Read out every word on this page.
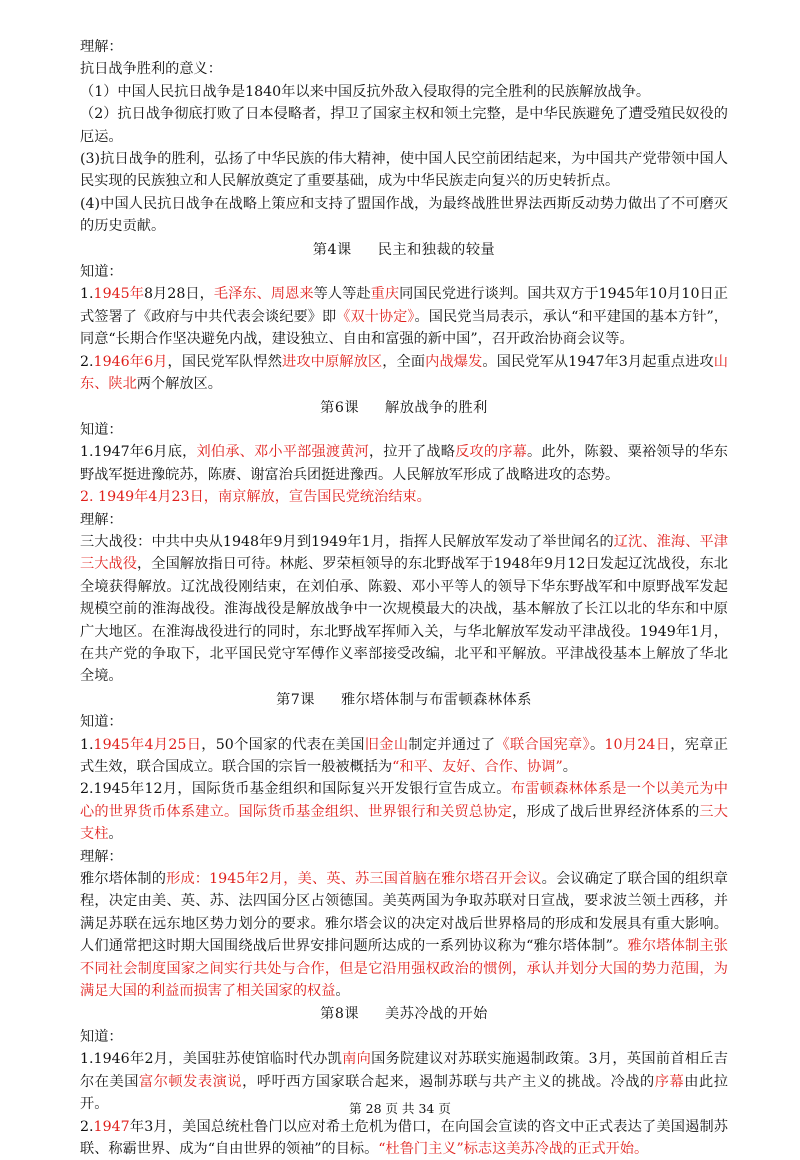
理解：

抗日战争胜利的意义：

（1）中国人民抗日战争是1840年以来中国反抗外敌入侵取得的完全胜利的民族解放战争。

（2）抗日战争彻底打败了日本侵略者，捍卫了国家主权和领土完整，是中华民族避免了遭受殖民奴役的厄运。

(3)抗日战争的胜利，弘扬了中华民族的伟大精神，使中国人民空前团结起来，为中国共产党带领中国人民实现的民族独立和人民解放奠定了重要基础，成为中华民族走向复兴的历史转折点。

(4)中国人民抗日战争在战略上策应和支持了盟国作战，为最终战胜世界法西斯反动势力做出了不可磨灭的历史贡献。

第4课 民主和独裁的较量

知道：

1.1945年8月28日，毛泽东、周恩来等人等赴重庆同国民党进行谈判。国共双方于1945年10月10日正式签署了《政府与中共代表会谈纪要》即《双十协定》。国民党当局表示，承认“和平建国的基本方针”，同意“长期合作坚决避免内战，建设独立、自由和富强的新中国”，召开政治协商会议等。

2.1946年6月，国民党军队悍然进攻中原解放区，全面内战爆发。国民党军从1947年3月起重点进攻山东、陕北两个解放区。

第6课 解放战争的胜利

知道：

1.1947年6月底，刘伯承、邓小平部强渡黄河，拉开了战略反攻的序幕。此外，陈毅、粟裕领导的华东野战军挺进豫皖苏，陈赓、谢富治兵团挺进豫西。人民解放军形成了战略进攻的态势。

2. 1949年4月23日，南京解放，宣告国民党统治结束。

理解：

三大战役：中共中央从1948年9月到1949年1月，指挥人民解放军发动了举世闻名的辽沈、淮海、平津三大战役，全国解放指日可待。林彪、罗荣桓领导的东北野战军于1948年9月12日发起辽沈战役，东北全境获得解放。辽沈战役刚结束，在刘伯承、陈毅、邓小平等人的领导下华东野战军和中原野战军发起规模空前的淮海战役。淮海战役是解放战争中一次规模最大的决战，基本解放了长江以北的华东和中原广大地区。在淮海战役进行的同时，东北野战军挥师入关，与华北解放军发动平津战役。1949年1月，在共产党的争取下，北平国民党守军傅作义率部接受改编，北平和平解放。平津战役基本上解放了华北全境。

第7课 雅尔塔体制与布雷顿森林体系

知道：

1.1945年4月25日，50个国家的代表在美国旧金山制定并通过了《联合国宪章》。10月24日，宪章正式生效，联合国成立。联合国的宗旨一般被概括为“和平、友好、合作、协调”。

2.1945年12月，国际货币基金组织和国际复兴开发银行宣告成立。布雷顿森林体系是一个以美元为中心的世界货币体系建立。国际货币基金组织、世界银行和关贸总协定，形成了战后世界经济体系的三大支柱。

理解：

雅尔塔体制的形成：1945年2月，美、英、苏三国首脑在雅尔塔召开会议。会议确定了联合国的组织章程，决定由美、英、苏、法四国分区占领德国。美英两国为争取苏联对日宣战，要求波兰领土西移，并满足苏联在远东地区势力划分的要求。雅尔塔会议的决定对战后世界格局的形成和发展具有重大影响。人们通常把这时期大国围绕战后世界安排问题所达成的一系列协议称为“雅尔塔体制”。雅尔塔体制主张不同社会制度国家之间实行共处与合作，但是它沿用强权政治的惯例，承认并划分大国的势力范围，为满足大国的利益而损害了相关国家的权益。

第8课 美苏冷战的开始

知道：

1.1946年2月，美国驻苏使馆临时代办凯南向国务院建议对苏联实施遏制政策。3月，英国前首相丘吉尔在美国富尔顿发表演说，呼吁西方国家联合起来，遏制苏联与共产主义的挑战。冷战的序幕由此拉开。

2.1947年3月，美国总统杜鲁门以应对希土危机为借口，在向国会宣读的咨文中正式表达了美国遏制苏联、称霸世界、成为“自由世界的领袖”的目标。“杜鲁门主义”标志这美苏冷战的正式开始。

第 28 页 共 34 页
